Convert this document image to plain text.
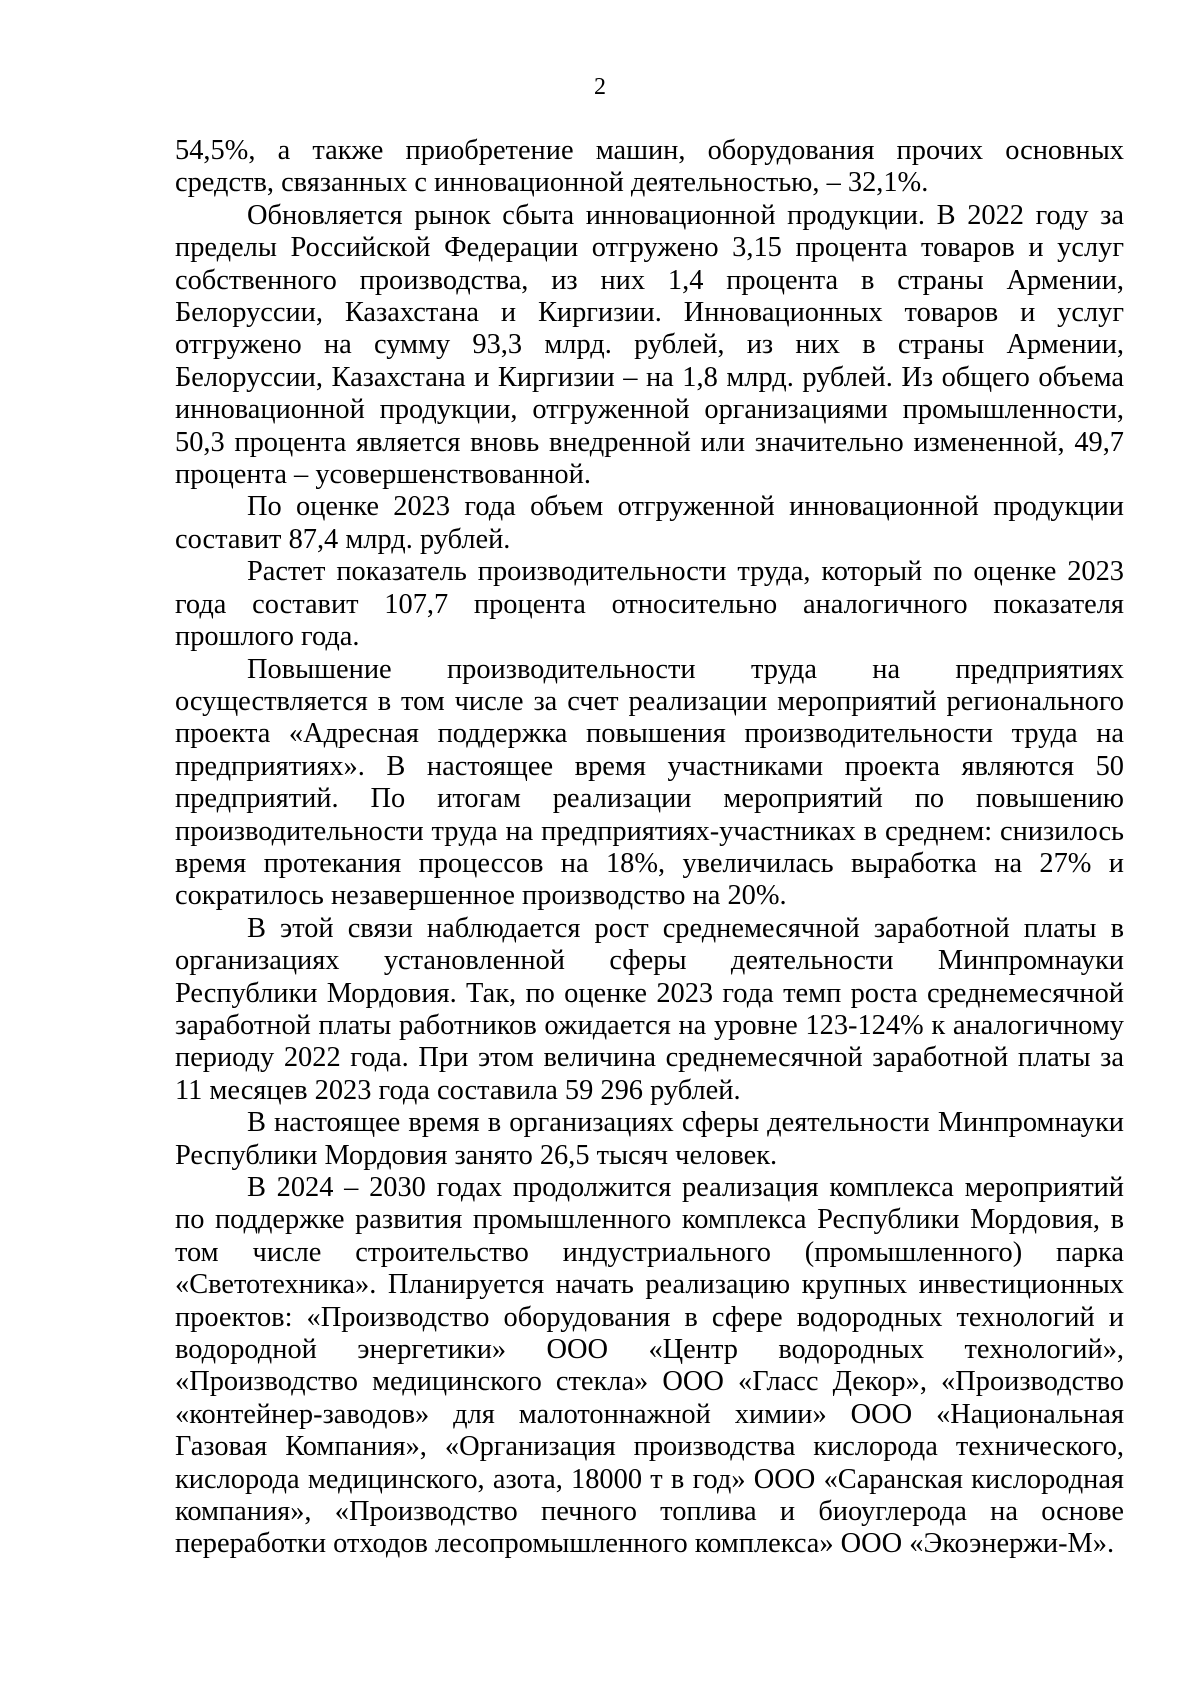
2

54,5%, а также приобретение машин, оборудования прочих основных средств, связанных с инновационной деятельностью, – 32,1%.

Обновляется рынок сбыта инновационной продукции. В 2022 году за пределы Российской Федерации отгружено 3,15 процента товаров и услуг собственного производства, из них 1,4 процента в страны Армении, Белоруссии, Казахстана и Киргизии. Инновационных товаров и услуг отгружено на сумму 93,3 млрд. рублей, из них в страны Армении, Белоруссии, Казахстана и Киргизии – на 1,8 млрд. рублей. Из общего объема инновационной продукции, отгруженной организациями промышленности, 50,3 процента является вновь внедренной или значительно измененной, 49,7 процента – усовершенствованной.

По оценке 2023 года объем отгруженной инновационной продукции составит 87,4 млрд. рублей.

Растет показатель производительности труда, который по оценке 2023 года составит 107,7 процента относительно аналогичного показателя прошлого года.

Повышение производительности труда на предприятиях осуществляется в том числе за счет реализации мероприятий регионального проекта «Адресная поддержка повышения производительности труда на предприятиях». В настоящее время участниками проекта являются 50 предприятий. По итогам реализации мероприятий по повышению производительности труда на предприятиях-участниках в среднем: снизилось время протекания процессов на 18%, увеличилась выработка на 27% и сократилось незавершенное производство на 20%.

В этой связи наблюдается рост среднемесячной заработной платы в организациях установленной сферы деятельности Минпромнауки Республики Мордовия. Так, по оценке 2023 года темп роста среднемесячной заработной платы работников ожидается на уровне 123-124% к аналогичному периоду 2022 года. При этом величина среднемесячной заработной платы за 11 месяцев 2023 года составила 59 296 рублей.

В настоящее время в организациях сферы деятельности Минпромнауки Республики Мордовия занято 26,5 тысяч человек.

В 2024 – 2030 годах продолжится реализация комплекса мероприятий по поддержке развития промышленного комплекса Республики Мордовия, в том числе строительство индустриального (промышленного) парка «Светотехника». Планируется начать реализацию крупных инвестиционных проектов: «Производство оборудования в сфере водородных технологий и водородной энергетики» ООО «Центр водородных технологий», «Производство медицинского стекла» ООО «Гласс Декор», «Производство «контейнер-заводов» для малотоннажной химии» ООО «Национальная Газовая Компания», «Организация производства кислорода технического, кислорода медицинского, азота, 18000 т в год» ООО «Саранская кислородная компания», «Производство печного топлива и биоуглерода на основе переработки отходов лесопромышленного комплекса» ООО «Экоэнержи-М».
